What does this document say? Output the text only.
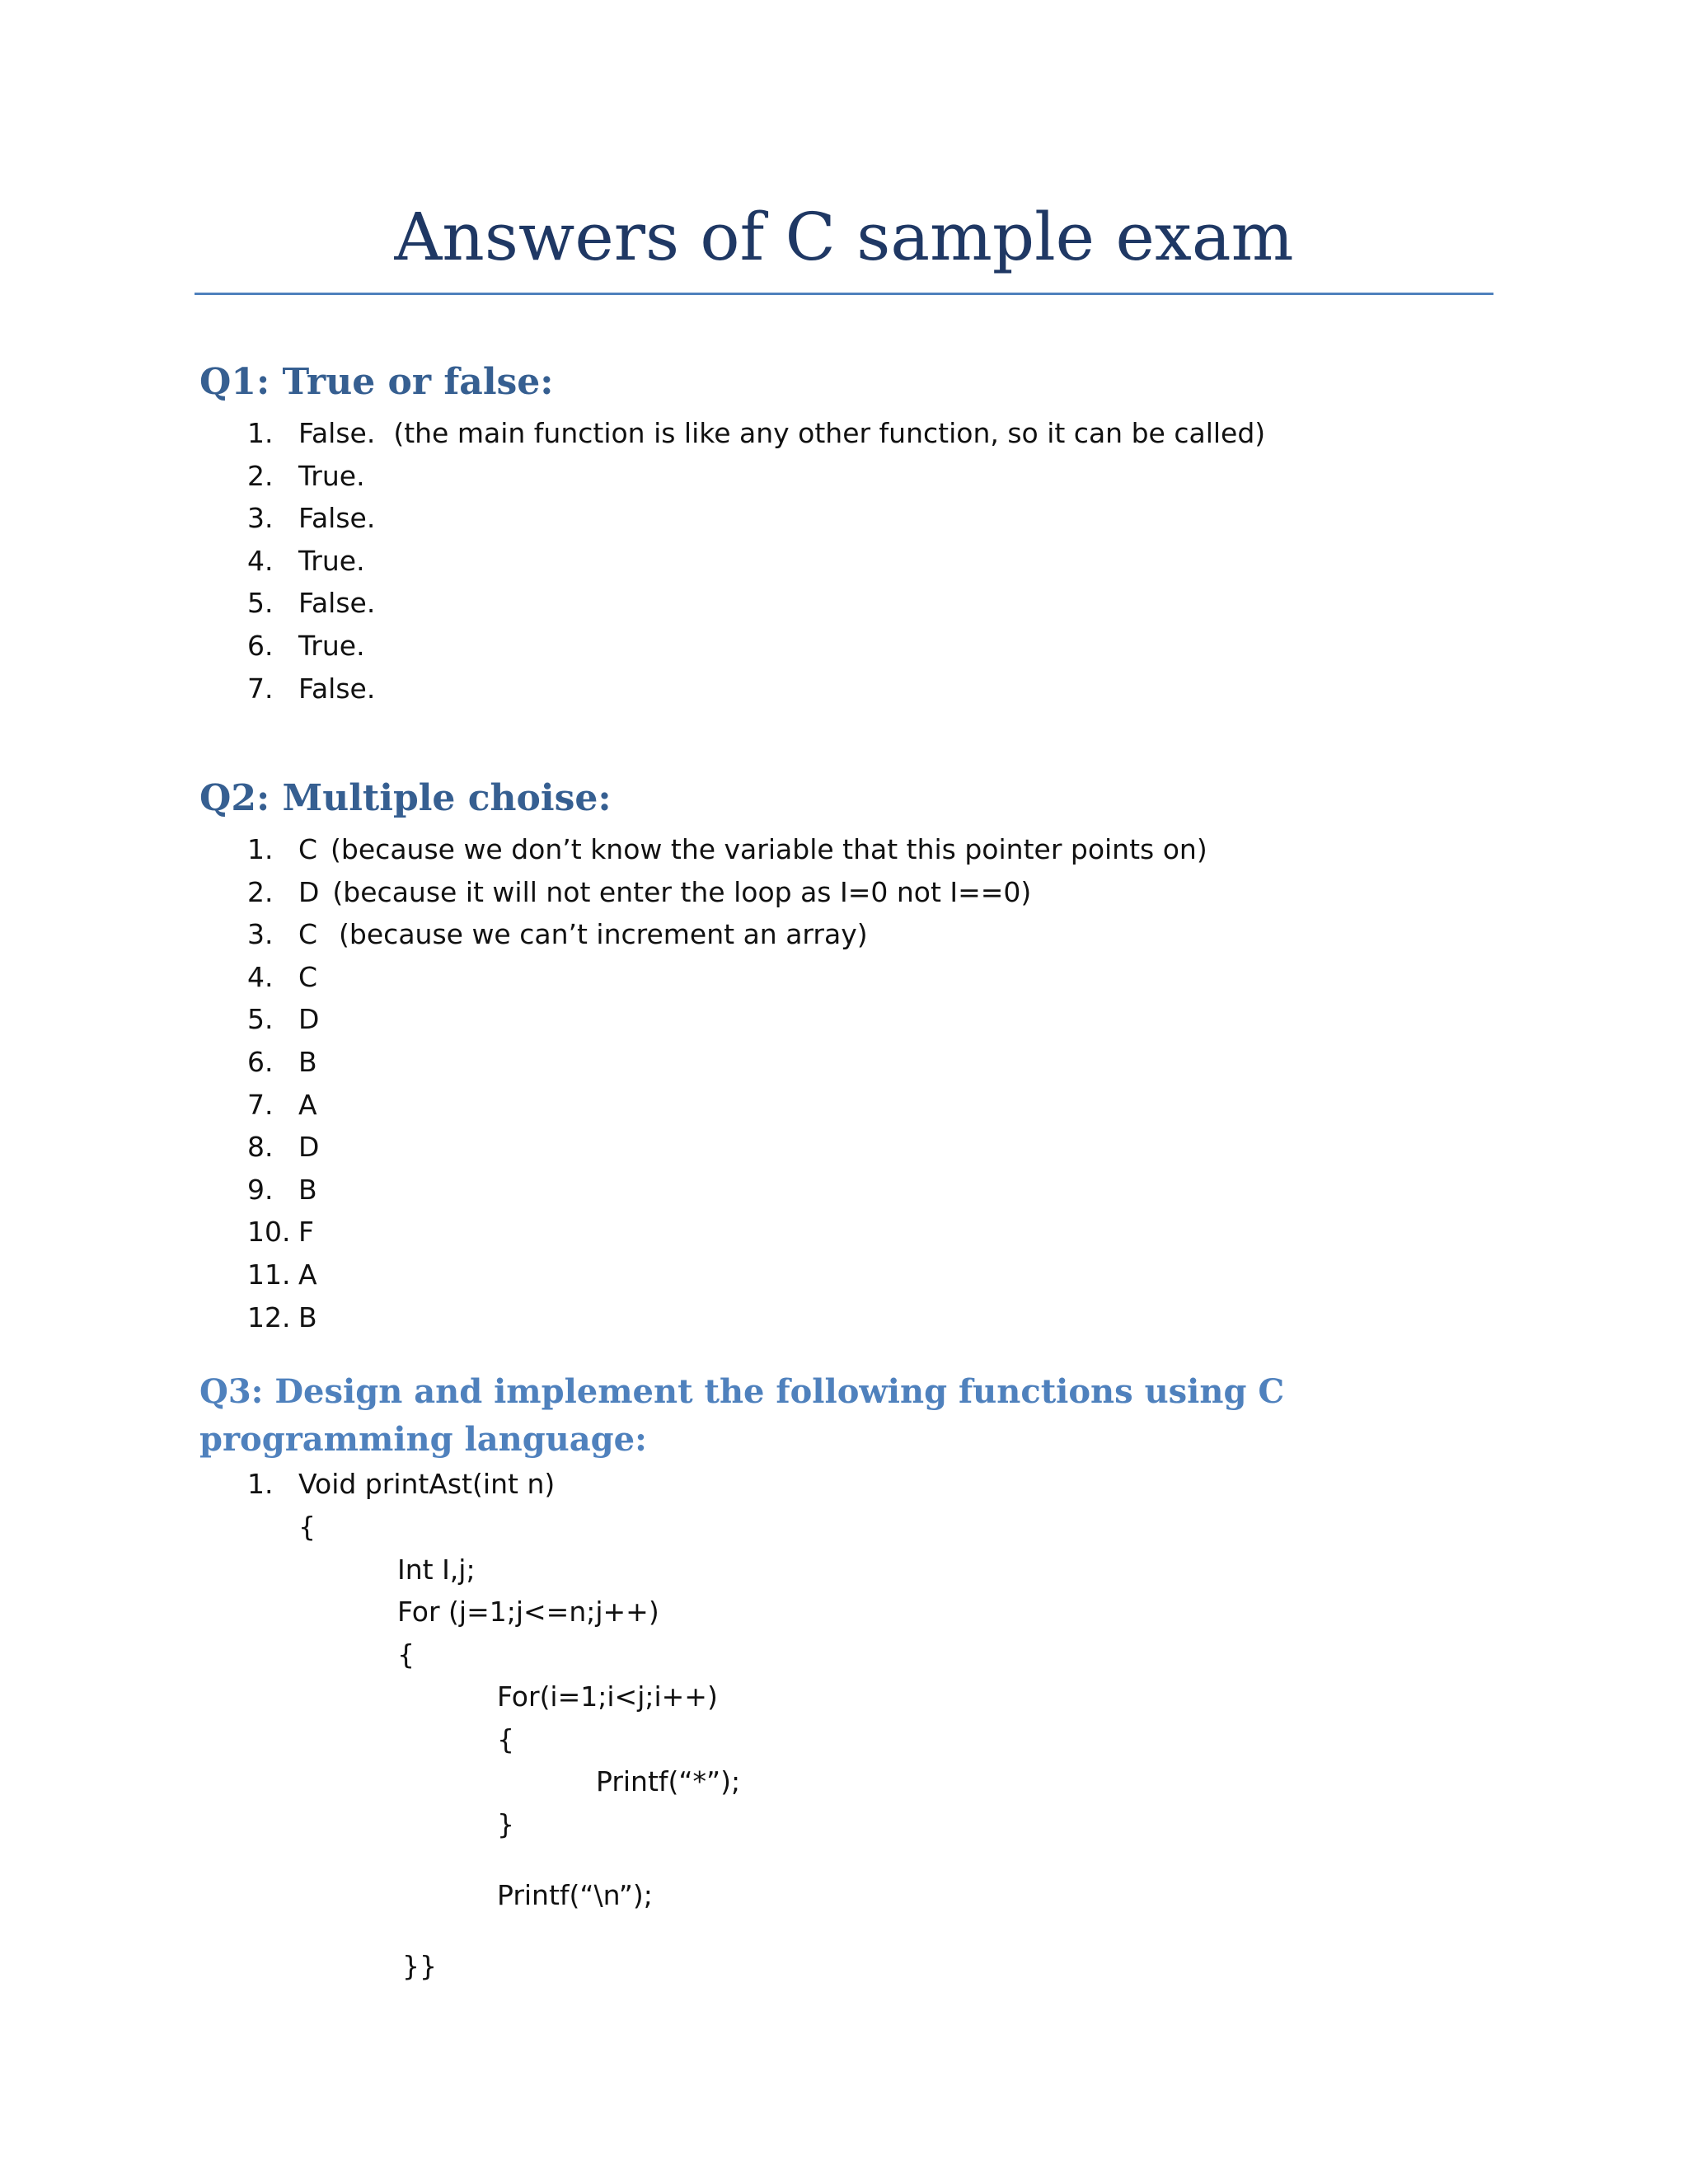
Answers of C sample exam
Q1: True or false:
1. False. (the main function is like any other function, so it can be called)
2. True.
3. False.
4. True.
5. False.
6. True.
7. False.
Q2: Multiple choise:
1. C (because we don’t know the variable that this pointer points on)
2. D (because it will not enter the loop as I=0 not I==0)
3. C (because we can’t increment an array)
4. C
5. D
6. B
7. A
8. D
9. B
10. F
11. A
12. B
Q3: Design and implement the following functions using C programming language:
1. Void printAst(int n)
{
Int I,j;
For (j=1;j<=n;j++)
{
For(i=1;i<j;i++)
{
Printf(“*”);
}
Printf(“\n”);
}}
